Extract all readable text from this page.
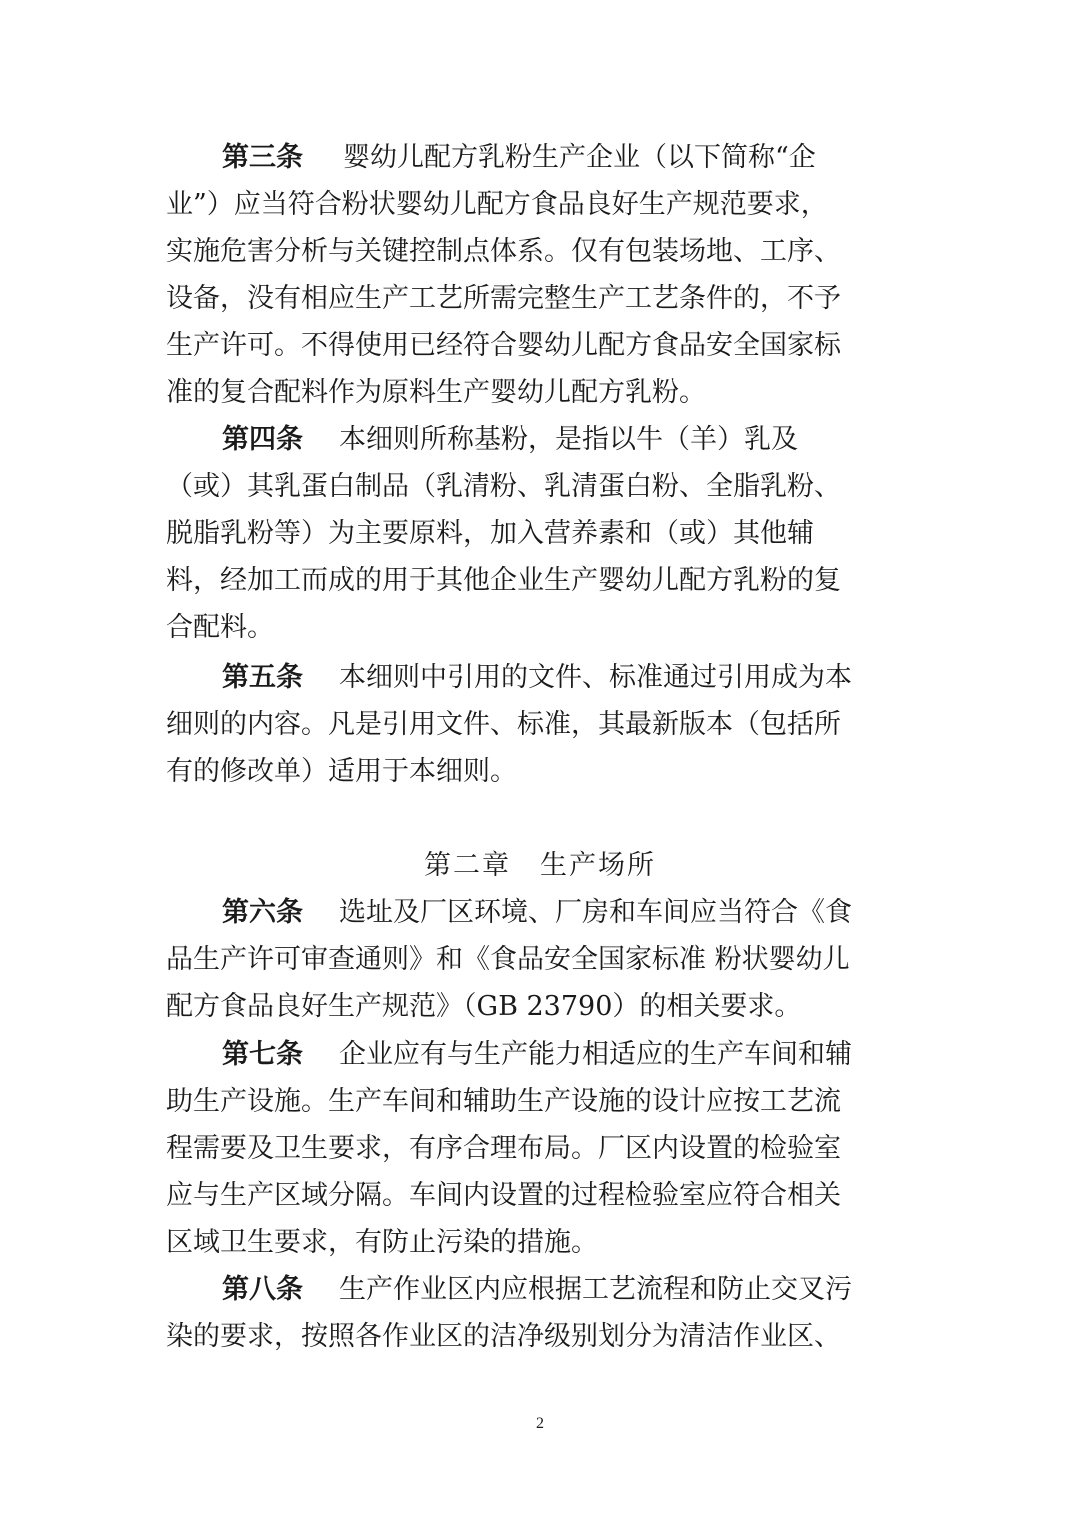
第三条 婴幼儿配方乳粉生产企业（以下简称“企
业”）应当符合粉状婴幼儿配方食品良好生产规范要求，
实施危害分析与关键控制点体系。仅有包装场地、工序、
设备，没有相应生产工艺所需完整生产工艺条件的，不予
生产许可。不得使用已经符合婴幼儿配方食品安全国家标
准的复合配料作为原料生产婴幼儿配方乳粉。
第四条 本细则所称基粉，是指以牛（羊）乳及
（或）其乳蛋白制品（乳清粉、乳清蛋白粉、全脂乳粉、
脱脂乳粉等）为主要原料，加入营养素和（或）其他辅
料，经加工而成的用于其他企业生产婴幼儿配方乳粉的复
合配料。
第五条 本细则中引用的文件、标准通过引用成为本
细则的内容。凡是引用文件、标准，其最新版本（包括所
有的修改单）适用于本细则。
第二章　生产场所
第六条 选址及厂区环境、厂房和车间应当符合《食
品生产许可审查通则》和《食品安全国家标准 粉状婴幼儿
配方食品良好生产规范》（GB 23790）的相关要求。
第七条 企业应有与生产能力相适应的生产车间和辅
助生产设施。生产车间和辅助生产设施的设计应按工艺流
程需要及卫生要求，有序合理布局。厂区内设置的检验室
应与生产区域分隔。车间内设置的过程检验室应符合相关
区域卫生要求，有防止污染的措施。
第八条 生产作业区内应根据工艺流程和防止交叉污
染的要求，按照各作业区的洁净级别划分为清洁作业区、
2
